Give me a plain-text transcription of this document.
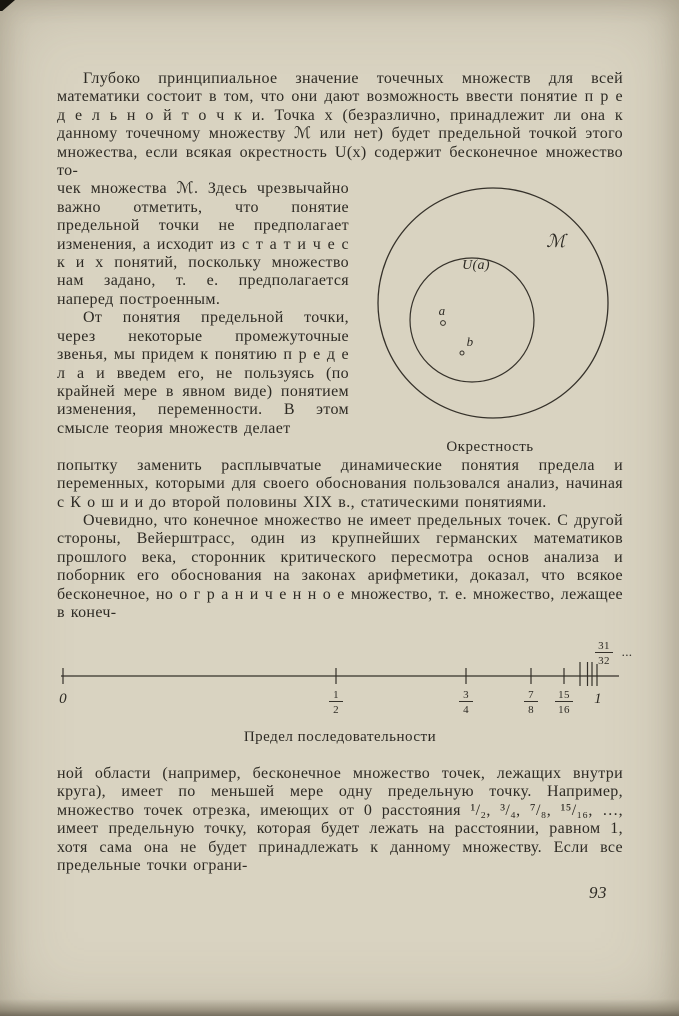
Глубоко принципиальное значение точечных множеств для всей математики состоит в том, что они дают возможность ввести понятие п р е д е л ь н о й т о ч к и. Точка x (безразлично, принадлежит ли она к данному точечному множеству ℳ или нет) будет предельной точкой этого множества, если всякая окрестность U(x) содержит бесконечное множество то-

чек множества ℳ. Здесь чрезвычайно важно отметить, что понятие предельной точки не предполагает изменения, а исходит из с т а т и ч е с к и х понятий, поскольку множество нам задано, т. е. предполагается наперед построенным.

От понятия предельной точки, через некоторые промежуточные звенья, мы придем к понятию п р е д е л а и введем его, не пользуясь (по крайней мере в явном виде) понятием изменения, переменности. В этом смысле теория множеств делает

ℳ
U(a)
a
b
Окрестность

попытку заменить расплывчатые динамические понятия предела и переменных, которыми для своего обоснования пользовался анализ, начиная с К о ш и и до второй половины XIX в., статическими понятиями.

Очевидно, что конечное множество не имеет предельных точек. С другой стороны, Вейерштрасс, один из крупнейших германских математиков прошлого века, сторонник критического пересмотра основ анализа и поборник его обоснования на законах арифметики, доказал, что всякое бесконечное, но о г р а н и ч е н н о е множество, т. е. множество, лежащее в конеч-

0	1
1
2
3
4
7
8
15
16
31
32
...
Предел последовательности

ной области (например, бесконечное множество точек, лежащих внутри круга), имеет по меньшей мере одну предельную точку. Например, множество точек отрезка, имеющих от 0 расстояния ¹/₂, ³/₄, ⁷/₈, ¹⁵/₁₆, …, имеет предельную точку, которая будет лежать на расстоянии, равном 1, хотя сама она не будет принадлежать к данному множеству. Если все предельные точки ограни-

93
